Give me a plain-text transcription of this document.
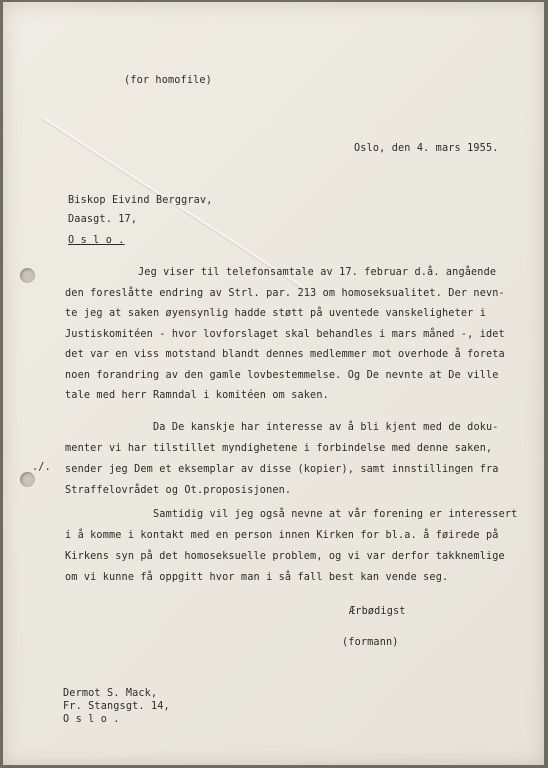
(for homofile)
Oslo, den 4. mars 1955.
Biskop Eivind Berggrav,
Daasgt. 17,
O s l o .
Jeg viser til telefonsamtale av 17. februar d.å. angående
den foreslåtte endring av Strl. par. 213 om homoseksualitet. Der nevn-
te jeg at saken øyensynlig hadde støtt på uventede vanskeligheter i
Justiskomitéen - hvor lovforslaget skal behandles i mars måned -, idet
det var en viss motstand blandt dennes medlemmer mot overhode å foreta
noen forandring av den gamle lovbestemmelse. Og De nevnte at De ville
tale med herr Ramndal i komitéen om saken.
Da De kanskje har interesse av å bli kjent med de doku-
menter vi har tilstillet myndighetene i forbindelse med denne saken,
sender jeg Dem et eksemplar av disse (kopier), samt innstillingen fra
Straffelovrådet og Ot.proposisjonen.
Samtidig vil jeg også nevne at vår forening er interessert
i å komme i kontakt med en person innen Kirken for bl.a. å føirede på
Kirkens syn på det homoseksuelle problem, og vi var derfor takknemlige
om vi kunne få oppgitt hvor man i så fall best kan vende seg.
./.
Ærbødigst
(formann)
Dermot S. Mack,
Fr. Stangsgt. 14,
O s l o .
